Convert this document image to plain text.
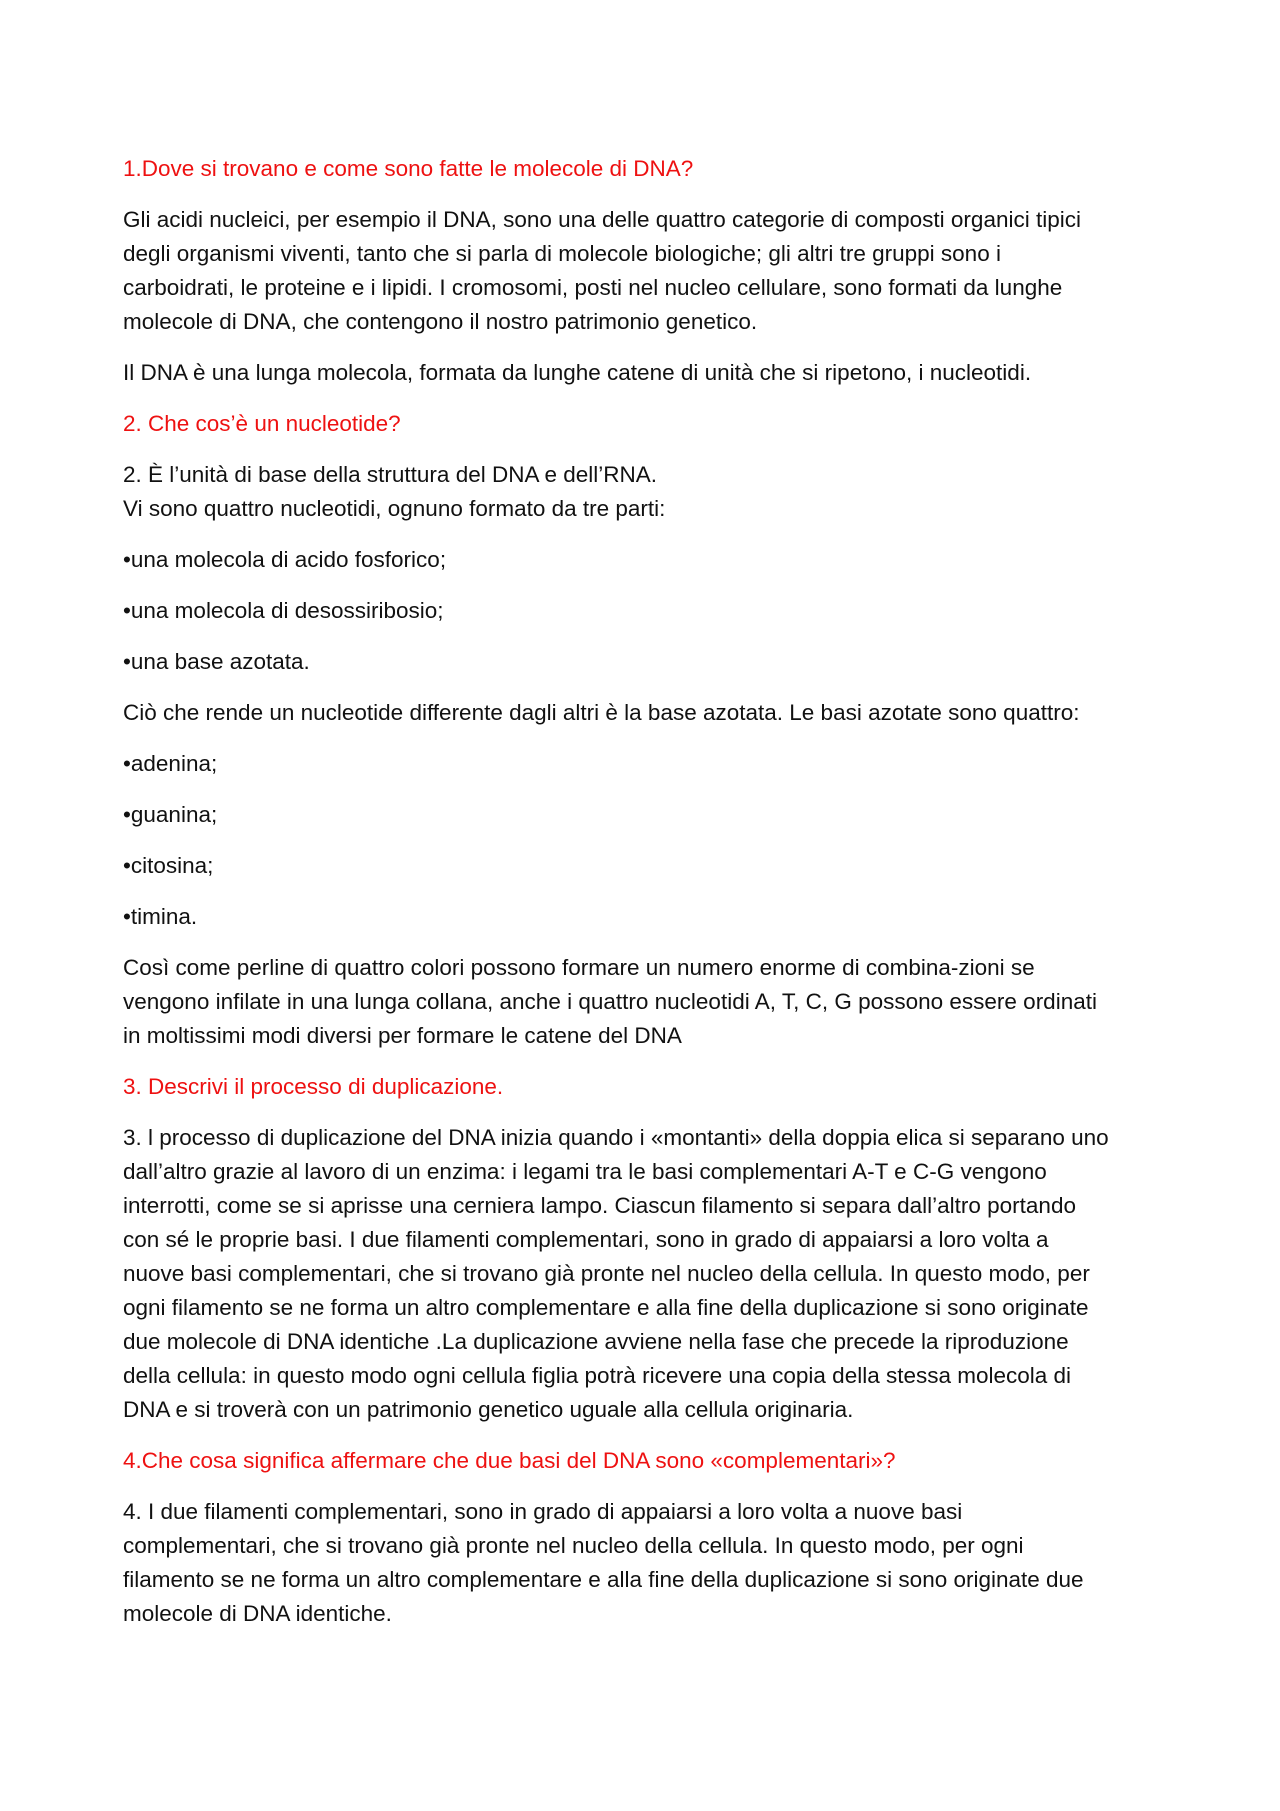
1.Dove si trovano e come sono fatte le molecole di DNA?

Gli acidi nucleici, per esempio il DNA, sono una delle quattro categorie di composti organici tipici
degli organismi viventi, tanto che si parla di molecole biologiche; gli altri tre gruppi sono i
carboidrati, le proteine e i lipidi. I cromosomi, posti nel nucleo cellulare, sono formati da lunghe
molecole di DNA, che contengono il nostro patrimonio genetico.

Il DNA è una lunga molecola, formata da lunghe catene di unità che si ripetono, i nucleotidi.

2. Che cos’è un nucleotide?

2. È l’unità di base della struttura del DNA e dell’RNA.
Vi sono quattro nucleotidi, ognuno formato da tre parti:

•una molecola di acido fosforico;

•una molecola di desossiribosio;

•una base azotata.

Ciò che rende un nucleotide differente dagli altri è la base azotata. Le basi azotate sono quattro:

•adenina;

•guanina;

•citosina;

•timina.

Così come perline di quattro colori possono formare un numero enorme di combina-zioni se
vengono infilate in una lunga collana, anche i quattro nucleotidi A, T, C, G possono essere ordinati
in moltissimi modi diversi per formare le catene del DNA

3. Descrivi il processo di duplicazione.

3. l processo di duplicazione del DNA inizia quando i «montanti» della doppia elica si separano uno
dall’altro grazie al lavoro di un enzima: i legami tra le basi complementari A-T e C-G vengono
interrotti, come se si aprisse una cerniera lampo. Ciascun filamento si separa dall’altro portando
con sé le proprie basi. I due filamenti complementari, sono in grado di appaiarsi a loro volta a
nuove basi complementari, che si trovano già pronte nel nucleo della cellula. In questo modo, per
ogni filamento se ne forma un altro complementare e alla fine della duplicazione si sono originate
due molecole di DNA identiche .La duplicazione avviene nella fase che precede la riproduzione
della cellula: in questo modo ogni cellula figlia potrà ricevere una copia della stessa molecola di
DNA e si troverà con un patrimonio genetico uguale alla cellula originaria.

4.Che cosa significa affermare che due basi del DNA sono «complementari»?

4. I due filamenti complementari, sono in grado di appaiarsi a loro volta a nuove basi
complementari, che si trovano già pronte nel nucleo della cellula. In questo modo, per ogni
filamento se ne forma un altro complementare e alla fine della duplicazione si sono originate due
molecole di DNA identiche.
